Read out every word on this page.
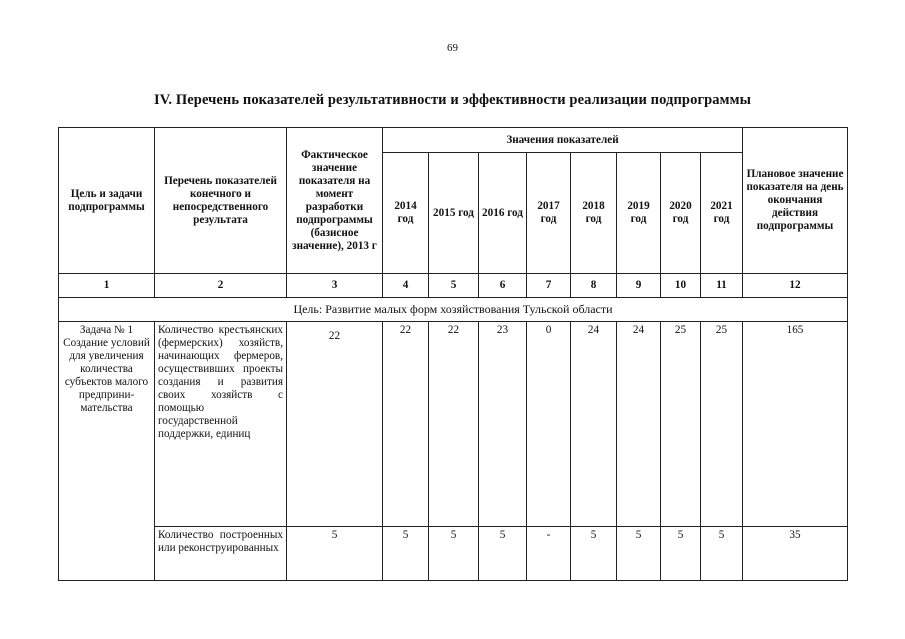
69
IV. Перечень показателей результативности и эффективности реализации подпрограммы
Цель и задачи подпрограммы	Перечень показателей конечного и непосредственного результата	Фактическое значение показателя на момент разработки подпрограммы (базисное значение), 2013 г	Значения показателей								Плановое значение показателя на день окончания действия подпрограммы
			2014 год	2015 год	2016 год	2017 год	2018 год	2019 год	2020 год	2021 год	
1	2	3	4	5	6	7	8	9	10	11	12
Цель: Развитие малых форм хозяйствования Тульской области											
Задача № 1 Создание условий для увеличения количества субъектов малого предприни-мательства	Количество крестьянских (фермерских) хозяйств, начинающих фермеров, осуществивших проекты создания и развития своих хозяйств с помощью государственной поддержки, единиц	22	22	22	23	0	24	24	25	25	165
	Количество построенных или реконструированных	5	5	5	5	-	5	5	5	5	35
